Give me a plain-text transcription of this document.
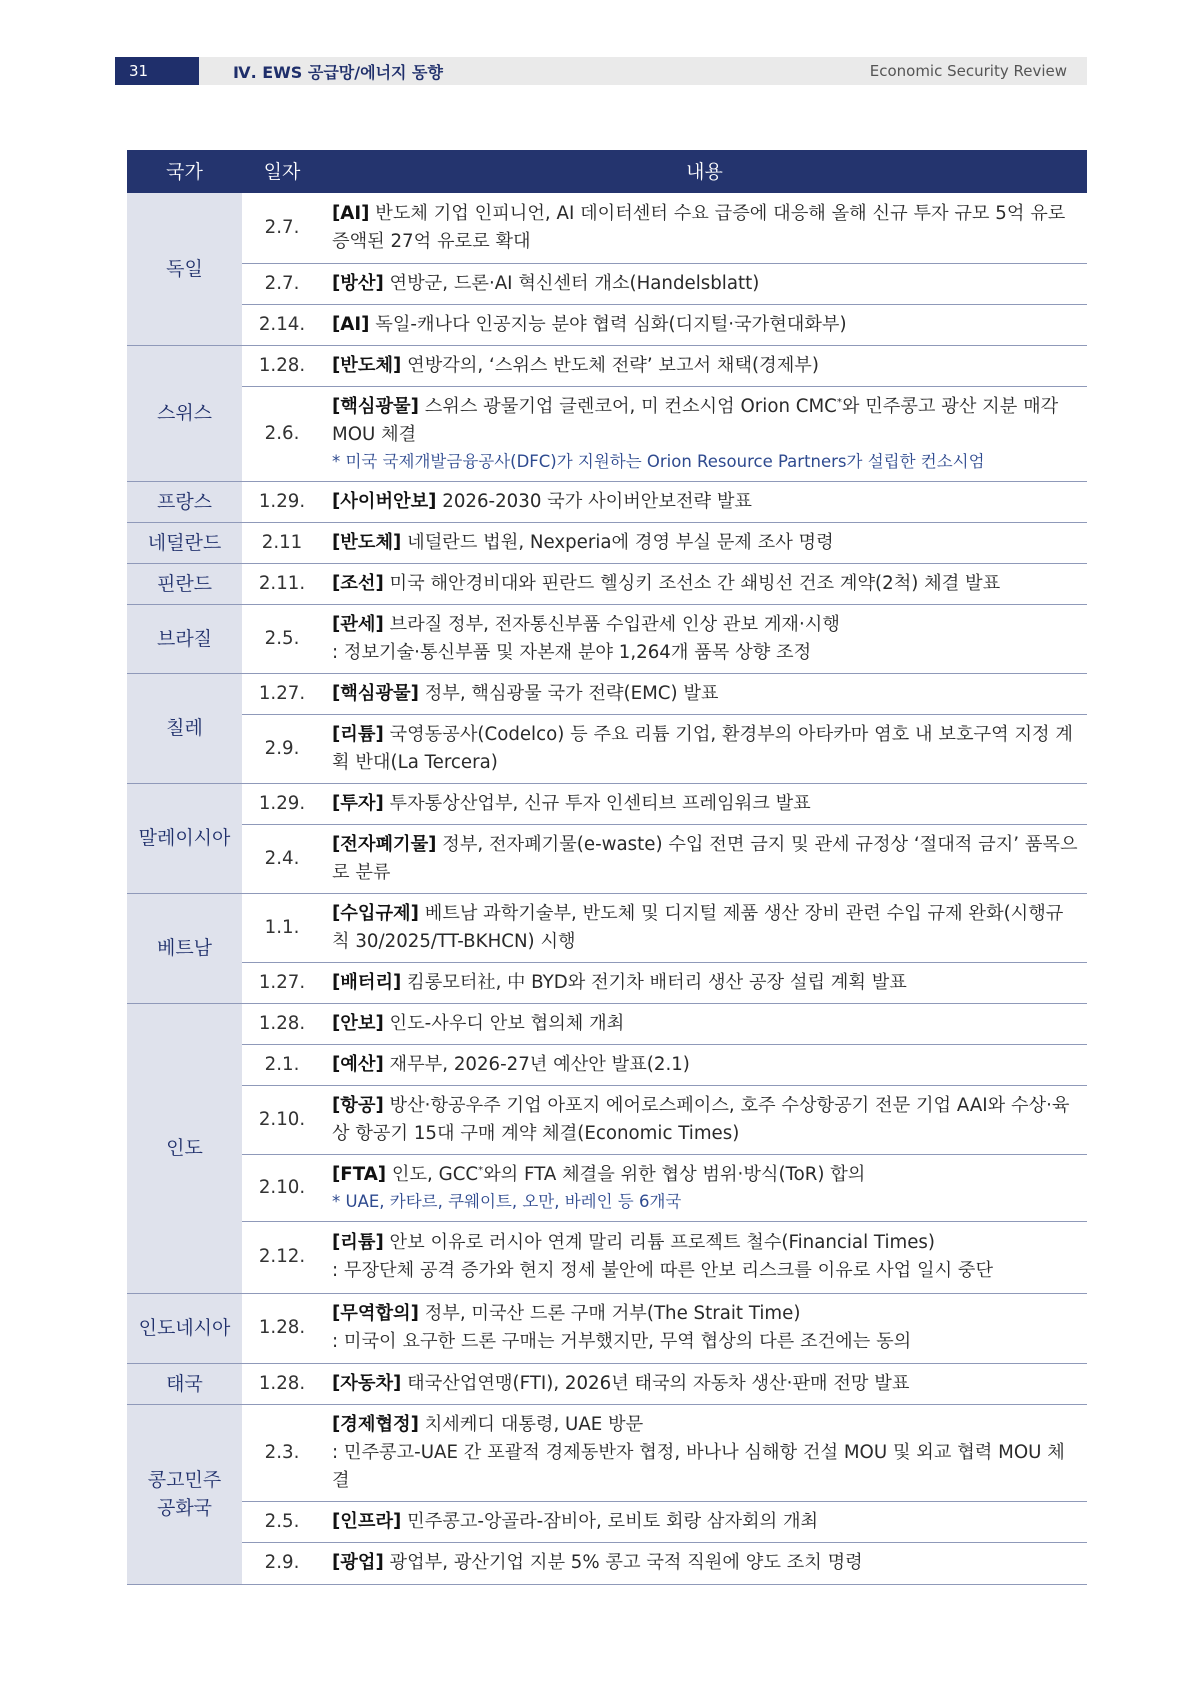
31	Ⅳ. EWS 공급망/에너지 동향	Economic Security Review
국가	일자	내용
독일	2.7.	[AI] 반도체 기업 인피니언, AI 데이터센터 수요 급증에 대응해 올해 신규 투자 규모 5억 유로 증액된 27억 유로로 확대
	2.7.	[방산] 연방군, 드론·AI 혁신센터 개소(Handelsblatt)
	2.14.	[AI] 독일-캐나다 인공지능 분야 협력 심화(디지털·국가현대화부)
스위스	1.28.	[반도체] 연방각의, ‘스위스 반도체 전략’ 보고서 채택(경제부)
	2.6.	[핵심광물] 스위스 광물기업 글렌코어, 미 컨소시엄 Orion CMC*와 민주콩고 광산 지분 매각 MOU 체결
* 미국 국제개발금융공사(DFC)가 지원하는 Orion Resource Partners가 설립한 컨소시엄

프랑스	1.29.	[사이버안보] 2026-2030 국가 사이버안보전략 발표
네덜란드	2.11	[반도체] 네덜란드 법원, Nexperia에 경영 부실 문제 조사 명령
핀란드	2.11.	[조선] 미국 해안경비대와 핀란드 헬싱키 조선소 간 쇄빙선 건조 계약(2척) 체결 발표
브라질	2.5.	[관세] 브라질 정부, 전자통신부품 수입관세 인상 관보 게재·시행
: 정보기술·통신부품 및 자본재 분야 1,264개 품목 상향 조정

칠레	1.27.	[핵심광물] 정부, 핵심광물 국가 전략(EMC) 발표
	2.9.	[리튬] 국영동공사(Codelco) 등 주요 리튬 기업, 환경부의 아타카마 염호 내 보호구역 지정 계획 반대(La Tercera)
말레이시아	1.29.	[투자] 투자통상산업부, 신규 투자 인센티브 프레임워크 발표
	2.4.	[전자폐기물] 정부, 전자폐기물(e-waste) 수입 전면 금지 및 관세 규정상 ‘절대적 금지’ 품목으로 분류
베트남	1.1.	[수입규제] 베트남 과학기술부, 반도체 및 디지털 제품 생산 장비 관련 수입 규제 완화(시행규칙 30/2025/TT-BKHCN) 시행
	1.27.	[배터리] 킴롱모터社, 中 BYD와 전기차 배터리 생산 공장 설립 계획 발표
인도	1.28.	[안보] 인도-사우디 안보 협의체 개최
	2.1.	[예산] 재무부, 2026-27년 예산안 발표(2.1)
	2.10.	[항공] 방산·항공우주 기업 아포지 에어로스페이스, 호주 수상항공기 전문 기업 AAI와 수상·육상 항공기 15대 구매 계약 체결(Economic Times)
	2.10.	[FTA] 인도, GCC*와의 FTA 체결을 위한 협상 범위·방식(ToR) 합의
* UAE, 카타르, 쿠웨이트, 오만, 바레인 등 6개국

	2.12.	[리튬] 안보 이유로 러시아 연계 말리 리튬 프로젝트 철수(Financial Times)
: 무장단체 공격 증가와 현지 정세 불안에 따른 안보 리스크를 이유로 사업 일시 중단

인도네시아	1.28.	[무역합의] 정부, 미국산 드론 구매 거부(The Strait Time)
: 미국이 요구한 드론 구매는 거부했지만, 무역 협상의 다른 조건에는 동의

태국	1.28.	[자동차] 태국산업연맹(FTI), 2026년 태국의 자동차 생산·판매 전망 발표
콩고민주
공화국	2.3.	[경제협정] 치세케디 대통령, UAE 방문
: 민주콩고-UAE 간 포괄적 경제동반자 협정, 바나나 심해항 건설 MOU 및 외교 협력 MOU 체결

	2.5.	[인프라] 민주콩고-앙골라-잠비아, 로비토 회랑 삼자회의 개최
	2.9.	[광업] 광업부, 광산기업 지분 5% 콩고 국적 직원에 양도 조치 명령
